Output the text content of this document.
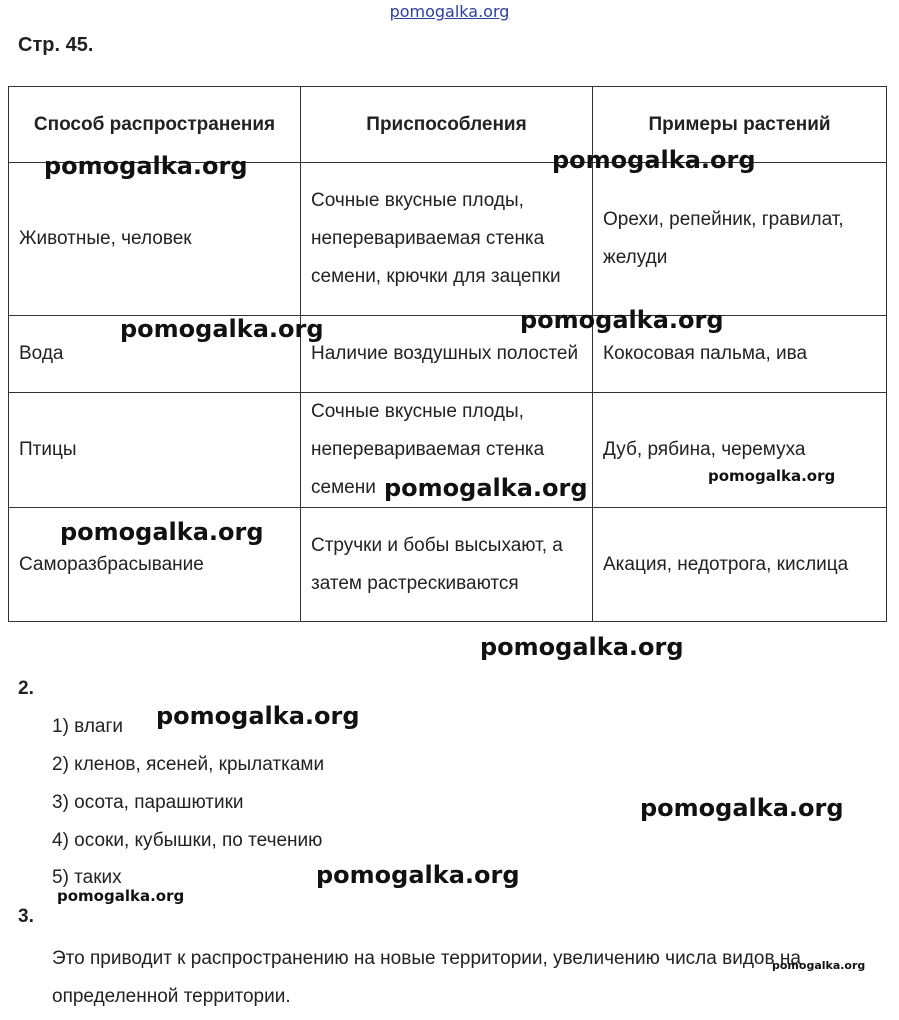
pomogalka.org
Стр. 45.
Способ распространения	Приспособления	Примеры растений
Животные, человек	Сочные вкусные плоды, неперевариваемая стенка семени, крючки для зацепки	Орехи, репейник, гравилат, желуди
Вода	Наличие воздушных полостей	Кокосовая пальма, ива
Птицы	Сочные вкусные плоды, неперевариваемая стенка семени	Дуб, рябина, черемуха
Саморазбрасывание	Стручки и бобы высыхают, а затем растрескиваются	Акация, недотрога, кислица
2.
1) влаги
2) кленов, ясеней, крылатками
3) осота, парашютики
4) осоки, кубышки, по течению
5) таких
3.
Это приводит к распространению на новые территории, увеличению числа видов на определенной территории.
pomogalka.org	pomogalka.org
pomogalka.org	pomogalka.org
pomogalka.org
pomogalka.org
pomogalka.org
pomogalka.org
pomogalka.org
pomogalka.org
pomogalka.org
pomogalka.org
pomogalka.org
